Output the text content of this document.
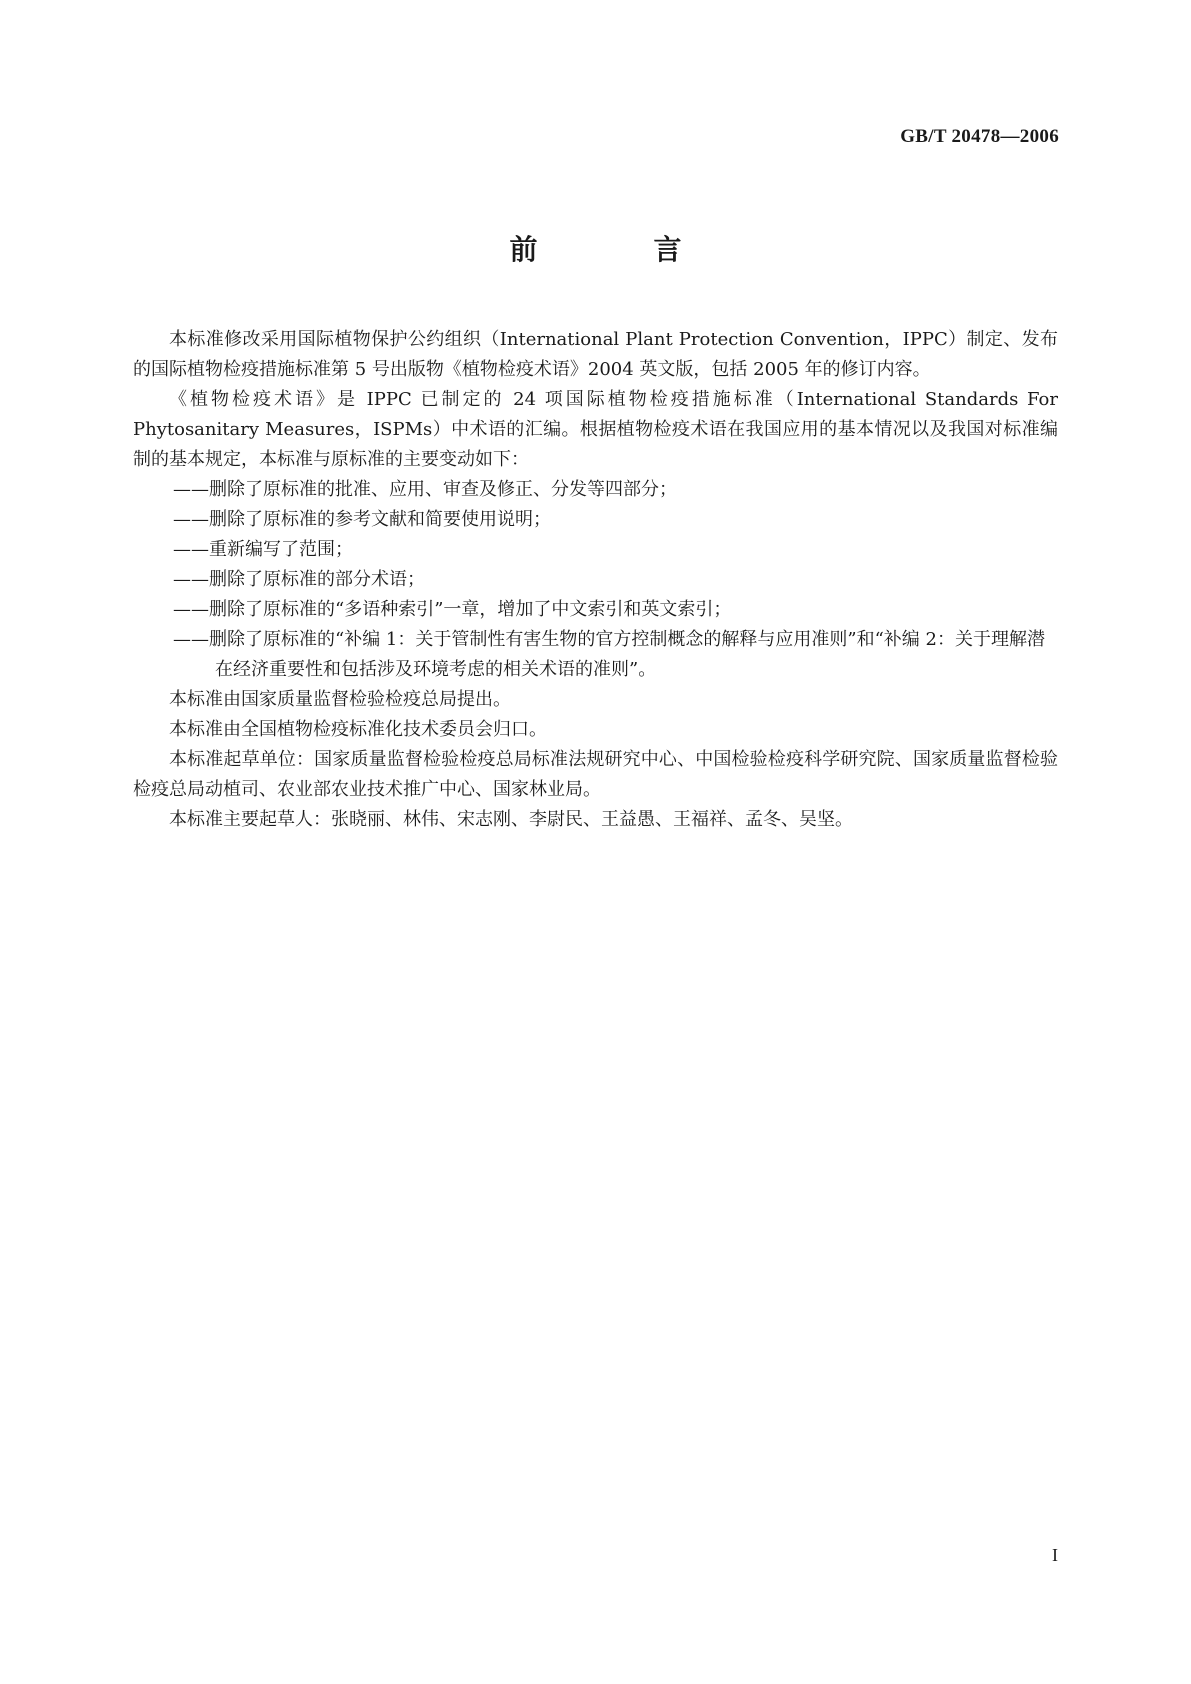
GB/T 20478—2006
前　言

本标准修改采用国际植物保护公约组织（International Plant Protection Convention，IPPC）制定、发布的国际植物检疫措施标准第 5 号出版物《植物检疫术语》2004 英文版，包括 2005 年的修订内容。

《植物检疫术语》是 IPPC 已制定的 24 项国际植物检疫措施标准（International Standards For Phytosanitary Measures，ISPMs）中术语的汇编。根据植物检疫术语在我国应用的基本情况以及我国对标准编制的基本规定，本标准与原标准的主要变动如下：

——删除了原标准的批准、应用、审查及修正、分发等四部分；

——删除了原标准的参考文献和简要使用说明；

——重新编写了范围；

——删除了原标准的部分术语；

——删除了原标准的“多语种索引”一章，增加了中文索引和英文索引；

——删除了原标准的“补编 1：关于管制性有害生物的官方控制概念的解释与应用准则”和“补编 2：关于理解潜在经济重要性和包括涉及环境考虑的相关术语的准则”。

本标准由国家质量监督检验检疫总局提出。

本标准由全国植物检疫标准化技术委员会归口。

本标准起草单位：国家质量监督检验检疫总局标准法规研究中心、中国检验检疫科学研究院、国家质量监督检验检疫总局动植司、农业部农业技术推广中心、国家林业局。

本标准主要起草人：张晓丽、林伟、宋志刚、李尉民、王益愚、王福祥、孟冬、吴坚。

I
